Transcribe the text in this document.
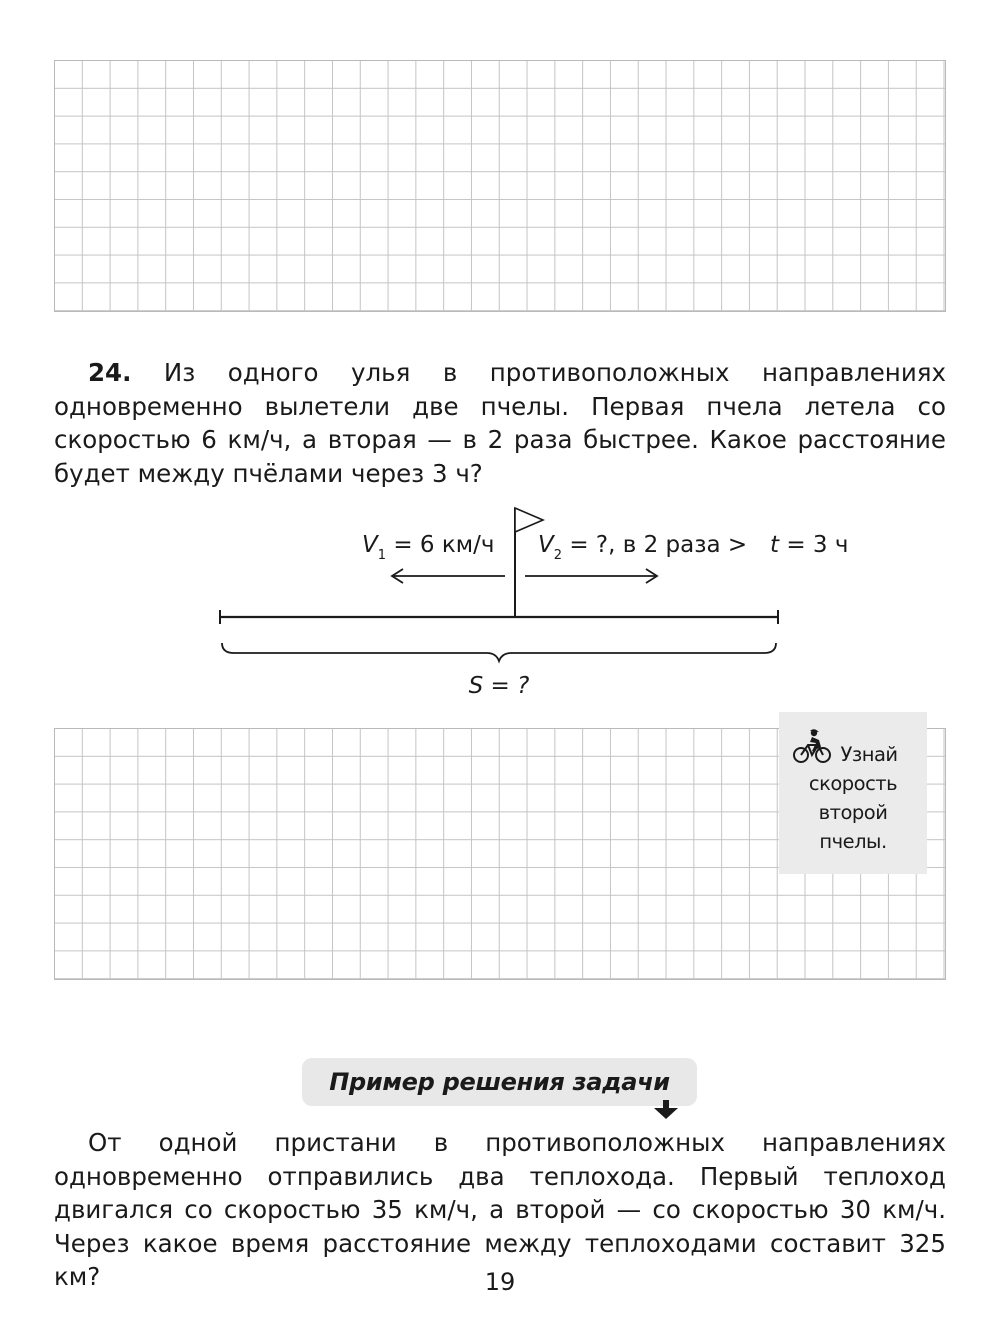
24. Из одного улья в противоположных направлениях одновременно вылетели две пчелы. Первая пчела летела со скоростью 6 км/ч, а вторая — в 2 раза быстрее. Какое расстояние будет между пчёлами через 3 ч?

$V_1 = 6$ км/ч $V_2$ = ?, в 2 раза > t = 3 ч
S = ?

Узнай
скорость
второй
пчелы.

Пример решения задачи

От одной пристани в противоположных направлениях одновременно отправились два теплохода. Первый теплоход двигался со скоростью 35 км/ч, а второй — со скоростью 30 км/ч. Через какое время расстояние между теплоходами составит 325 км?	19
